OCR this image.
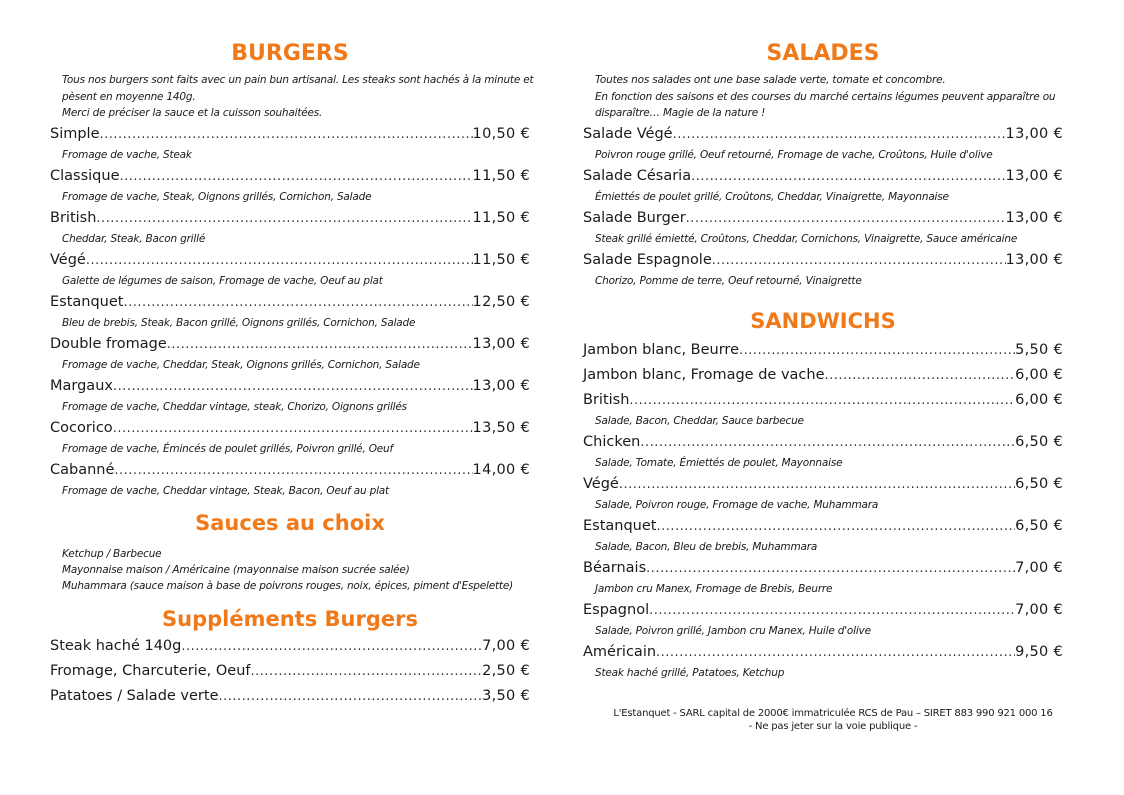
BURGERS
Tous nos burgers sont faits avec un pain bun artisanal. Les steaks sont hachés à la minute et
pèsent en moyenne 140g.
Merci de préciser la sauce et la cuisson souhaitées.
Simple .....	10,50 €
Fromage de vache, Steak
Classique .....	11,50 €
Fromage de vache, Steak, Oignons grillés, Cornichon, Salade
British .....	11,50 €
Cheddar, Steak, Bacon grillé
Végé .....	11,50 €
Galette de légumes de saison, Fromage de vache, Oeuf au plat
Estanquet .....	12,50 €
Bleu de brebis, Steak, Bacon grillé, Oignons grillés, Cornichon, Salade
Double fromage .....	13,00 €
Fromage de vache, Cheddar, Steak, Oignons grillés, Cornichon, Salade
Margaux .....	13,00 €
Fromage de vache, Cheddar vintage, steak, Chorizo, Oignons grillés
Cocorico .....	13,50 €
Fromage de vache, Émincés de poulet grillés, Poivron grillé, Oeuf
Cabanné .....	14,00 €
Fromage de vache, Cheddar vintage, Steak, Bacon, Oeuf au plat
Sauces au choix
Ketchup / Barbecue
Mayonnaise maison / Américaine (mayonnaise maison sucrée salée)
Muhammara (sauce maison à base de poivrons rouges, noix, épices, piment d'Espelette)
Suppléments Burgers
Steak haché 140g .....	7,00 €
Fromage, Charcuterie, Oeuf .....	2,50 €
Patatoes / Salade verte .....	3,50 €
SALADES
Toutes nos salades ont une base salade verte, tomate et concombre.
En fonction des saisons et des courses du marché certains légumes peuvent apparaître ou
disparaître… Magie de la nature !
Salade Végé .....	13,00 €
Poivron rouge grillé, Oeuf retourné, Fromage de vache, Croûtons, Huile d'olive
Salade Césaria .....	13,00 €
Émiettés de poulet grillé, Croûtons, Cheddar, Vinaigrette, Mayonnaise
Salade Burger .....	13,00 €
Steak grillé émietté, Croûtons, Cheddar, Cornichons, Vinaigrette, Sauce américaine
Salade Espagnole .....	13,00 €
Chorizo, Pomme de terre, Oeuf retourné, Vinaigrette
SANDWICHS
Jambon blanc, Beurre .....	5,50 €
Jambon blanc, Fromage de vache .....	6,00 €
British .....	6,00 €
Salade, Bacon, Cheddar, Sauce barbecue
Chicken .....	6,50 €
Salade, Tomate, Émiettés de poulet, Mayonnaise
Végé .....	6,50 €
Salade, Poivron rouge, Fromage de vache, Muhammara
Estanquet .....	6,50 €
Salade, Bacon, Bleu de brebis, Muhammara
Béarnais .....	7,00 €
Jambon cru Manex, Fromage de Brebis, Beurre
Espagnol .....	7,00 €
Salade, Poivron grillé, Jambon cru Manex, Huile d'olive
Américain .....	9,50 €
Steak haché grillé, Patatoes, Ketchup
L'Estanquet - SARL capital de 2000€ immatriculée RCS de Pau – SIRET 883 990 921 000 16
- Ne pas jeter sur la voie publique -
